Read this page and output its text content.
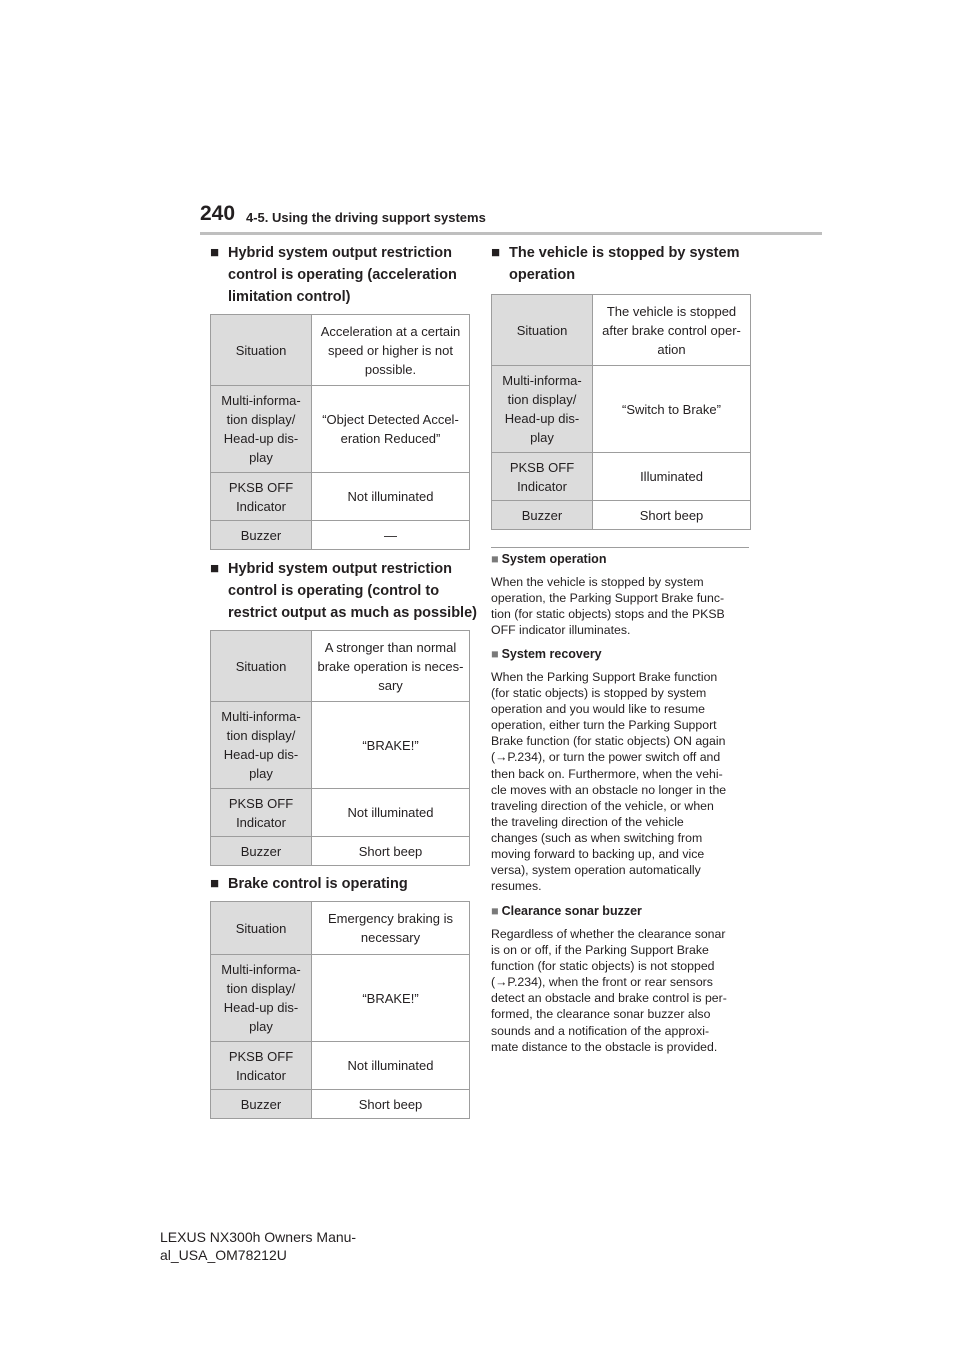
240 4-5. Using the driving support systems
■ Hybrid system output restriction
control is operating (acceleration
limitation control)
Situation	Acceleration at a certain
speed or higher is not
possible.
Multi-informa-
tion display/
Head-up dis-
play	“Object Detected Accel-
eration Reduced”
PKSB OFF
Indicator	Not illuminated
Buzzer	—
■ Hybrid system output restriction
control is operating (control to
restrict output as much as possible)
Situation	A stronger than normal
brake operation is neces-
sary
Multi-informa-
tion display/
Head-up dis-
play	“BRAKE!”
PKSB OFF
Indicator	Not illuminated
Buzzer	Short beep
■ Brake control is operating
Situation	Emergency braking is
necessary
Multi-informa-
tion display/
Head-up dis-
play	“BRAKE!”
PKSB OFF
Indicator	Not illuminated
Buzzer	Short beep
■ The vehicle is stopped by system
operation
Situation	The vehicle is stopped
after brake control oper-
ation
Multi-informa-
tion display/
Head-up dis-
play	“Switch to Brake”
PKSB OFF
Indicator	Illuminated
Buzzer	Short beep
■ System operation
When the vehicle is stopped by system
operation, the Parking Support Brake func-
tion (for static objects) stops and the PKSB
OFF indicator illuminates.
■ System recovery
When the Parking Support Brake function
(for static objects) is stopped by system
operation and you would like to resume
operation, either turn the Parking Support
Brake function (for static objects) ON again
(→P.234), or turn the power switch off and
then back on. Furthermore, when the vehi-
cle moves with an obstacle no longer in the
traveling direction of the vehicle, or when
the traveling direction of the vehicle
changes (such as when switching from
moving forward to backing up, and vice
versa), system operation automatically
resumes.
■ Clearance sonar buzzer
Regardless of whether the clearance sonar
is on or off, if the Parking Support Brake
function (for static objects) is not stopped
(→P.234), when the front or rear sensors
detect an obstacle and brake control is per-
formed, the clearance sonar buzzer also
sounds and a notification of the approxi-
mate distance to the obstacle is provided.
LEXUS NX300h Owners Manu-
al_USA_OM78212U
